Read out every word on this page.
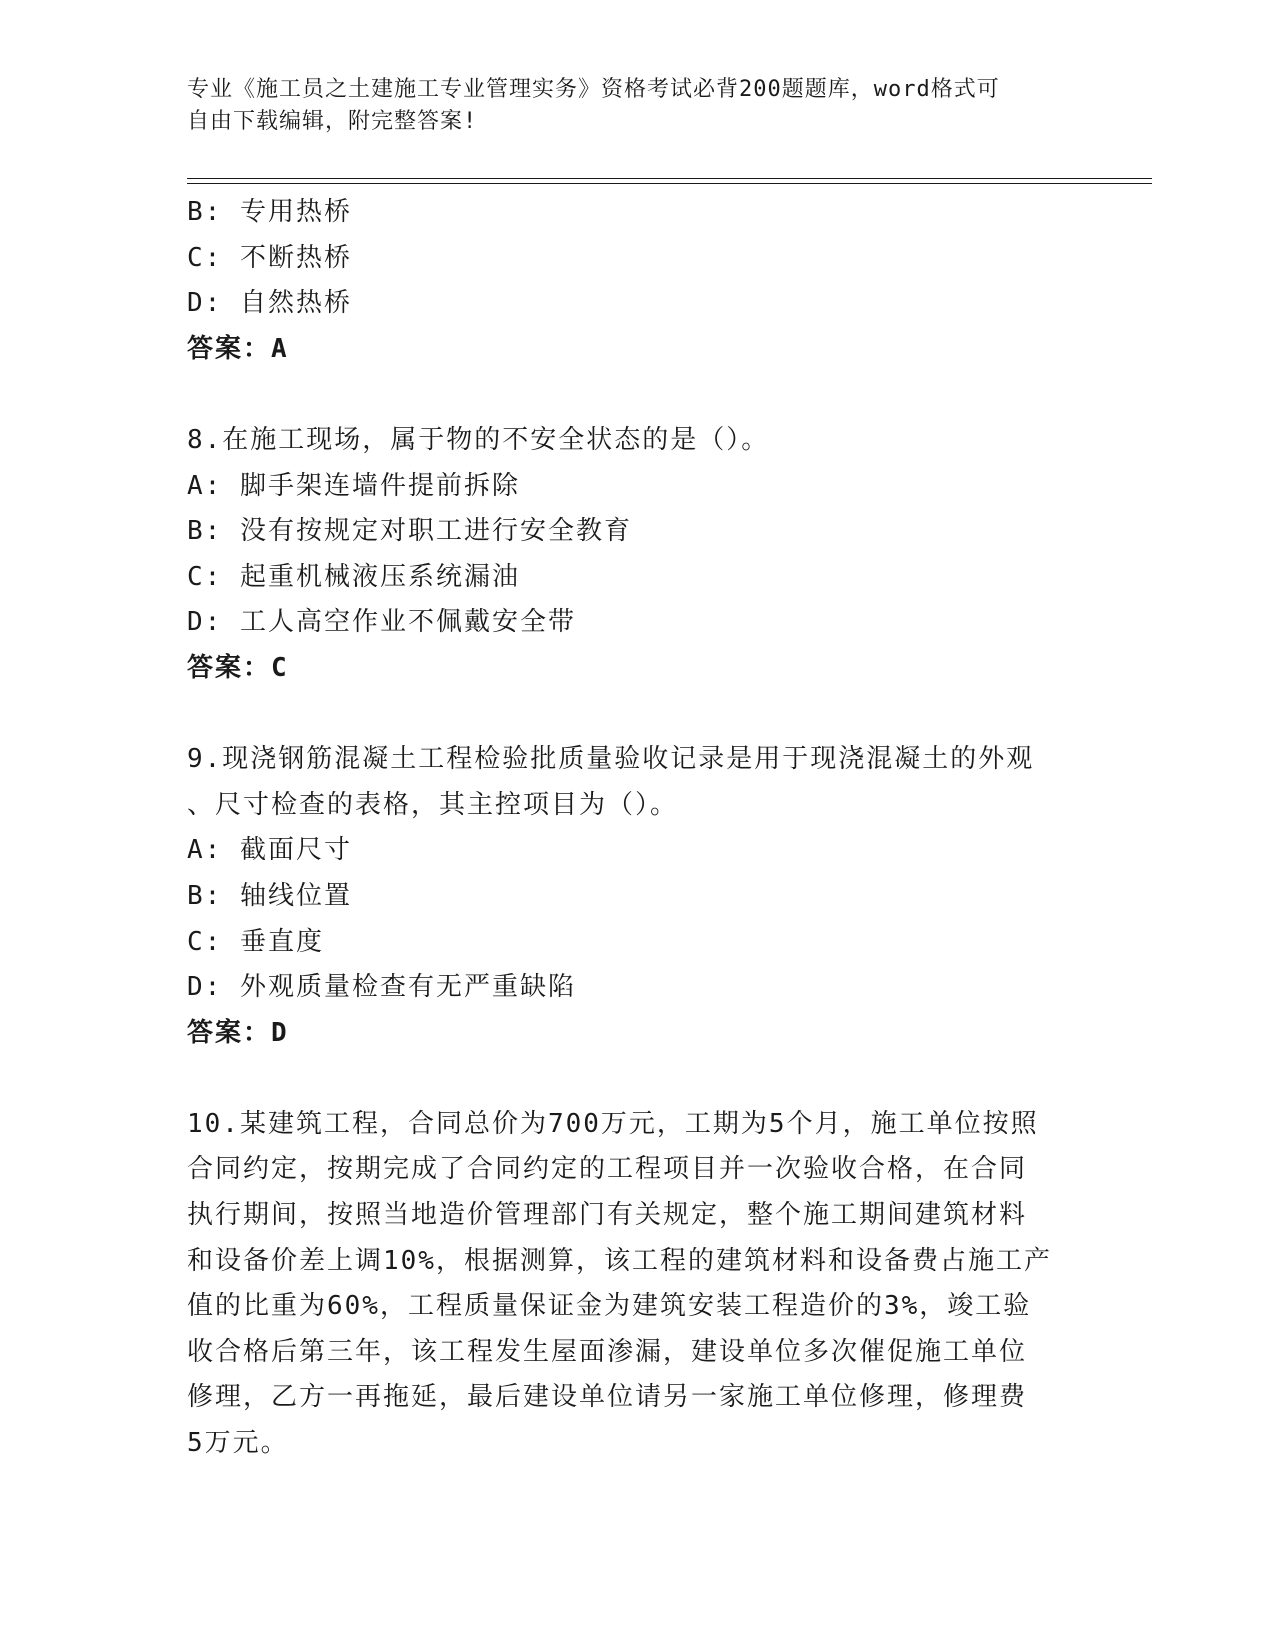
专业《施工员之土建施工专业管理实务》资格考试必背200题题库，word格式可
自由下载编辑，附完整答案!
B: 专用热桥
C: 不断热桥
D: 自然热桥
答案：A
8.在施工现场，属于物的不安全状态的是（）。
A: 脚手架连墙件提前拆除
B: 没有按规定对职工进行安全教育
C: 起重机械液压系统漏油
D: 工人高空作业不佩戴安全带
答案：C
9.现浇钢筋混凝土工程检验批质量验收记录是用于现浇混凝土的外观
、尺寸检查的表格，其主控项目为（）。
A: 截面尺寸
B: 轴线位置
C: 垂直度
D: 外观质量检查有无严重缺陷
答案：D
10.某建筑工程，合同总价为700万元，工期为5个月，施工单位按照
合同约定，按期完成了合同约定的工程项目并一次验收合格，在合同
执行期间，按照当地造价管理部门有关规定，整个施工期间建筑材料
和设备价差上调10%，根据测算，该工程的建筑材料和设备费占施工产
值的比重为60%，工程质量保证金为建筑安装工程造价的3%，竣工验
收合格后第三年，该工程发生屋面渗漏，建设单位多次催促施工单位
修理，乙方一再拖延，最后建设单位请另一家施工单位修理，修理费
5万元。
